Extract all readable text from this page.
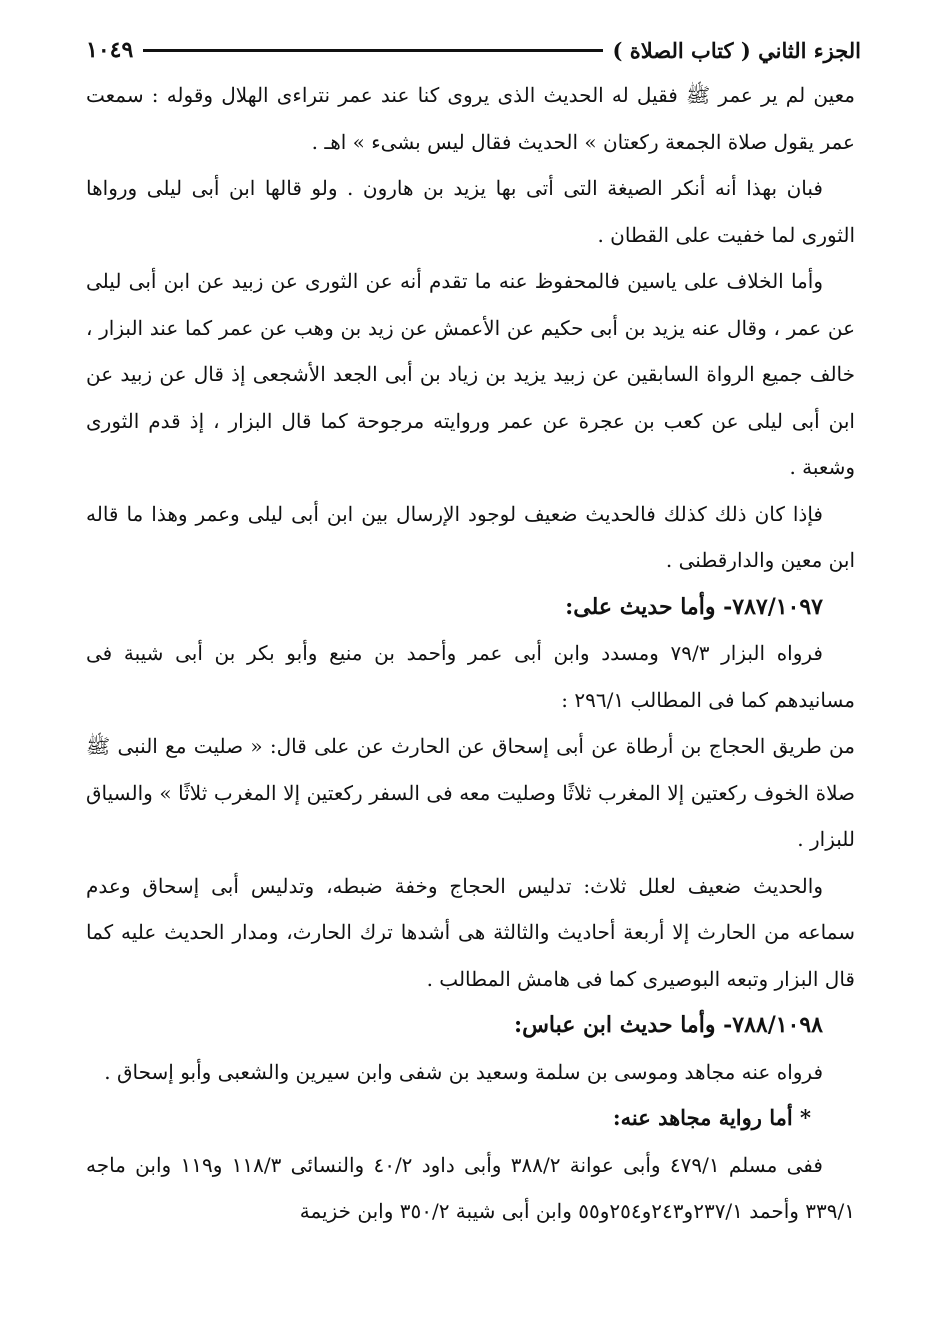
الجزء الثاني ( كتاب الصلاة )
١٠٤٩

معين لم ير عمر ﷺ فقيل له الحديث الذى يروى كنا عند عمر نتراءى الهلال وقوله : سمعت عمر يقول صلاة الجمعة ركعتان » الحديث فقال ليس بشىء » اهـ .

فبان بهذا أنه أنكر الصيغة التى أتى بها يزيد بن هارون . ولو قالها ابن أبى ليلى ورواها الثورى لما خفيت على القطان .

وأما الخلاف على ياسين فالمحفوظ عنه ما تقدم أنه عن الثورى عن زبيد عن ابن أبى ليلى عن عمر ، وقال عنه يزيد بن أبى حكيم عن الأعمش عن زيد بن وهب عن عمر كما عند البزار ، خالف جميع الرواة السابقين عن زبيد يزيد بن زياد بن أبى الجعد الأشجعى إذ قال عن زبيد عن ابن أبى ليلى عن كعب بن عجرة عن عمر وروايته مرجوحة كما قال البزار ، إذ قدم الثورى وشعبة .

فإذا كان ذلك كذلك فالحديث ضعيف لوجود الإرسال بين ابن أبى ليلى وعمر وهذا ما قاله ابن معين والدارقطنى .

٧٨٧/١٠٩٧- وأما حديث على:

فرواه البزار ٧٩/٣ ومسدد وابن أبى عمر وأحمد بن منيع وأبو بكر بن أبى شيبة فى مسانيدهم كما فى المطالب ٢٩٦/١ :

من طريق الحجاج بن أرطاة عن أبى إسحاق عن الحارث عن على قال: « صليت مع النبى ﷺ صلاة الخوف ركعتين إلا المغرب ثلاثًا وصليت معه فى السفر ركعتين إلا المغرب ثلاثًا » والسياق للبزار .

والحديث ضعيف لعلل ثلاث: تدليس الحجاج وخفة ضبطه، وتدليس أبى إسحاق وعدم سماعه من الحارث إلا أربعة أحاديث والثالثة هى أشدها ترك الحارث، ومدار الحديث عليه كما قال البزار وتبعه البوصيرى كما فى هامش المطالب .

٧٨٨/١٠٩٨- وأما حديث ابن عباس:

فرواه عنه مجاهد وموسى بن سلمة وسعيد بن شفى وابن سيرين والشعبى وأبو إسحاق .

* أما رواية مجاهد عنه:

ففى مسلم ٤٧٩/١ وأبى عوانة ٣٨٨/٢ وأبى داود ٤٠/٢ والنسائى ١١٨/٣ و١١٩ وابن ماجه ٣٣٩/١ وأحمد ٢٣٧/١و٢٤٣و٢٥٤و٥٥ وابن أبى شيبة ٣٥٠/٢ وابن خزيمة
